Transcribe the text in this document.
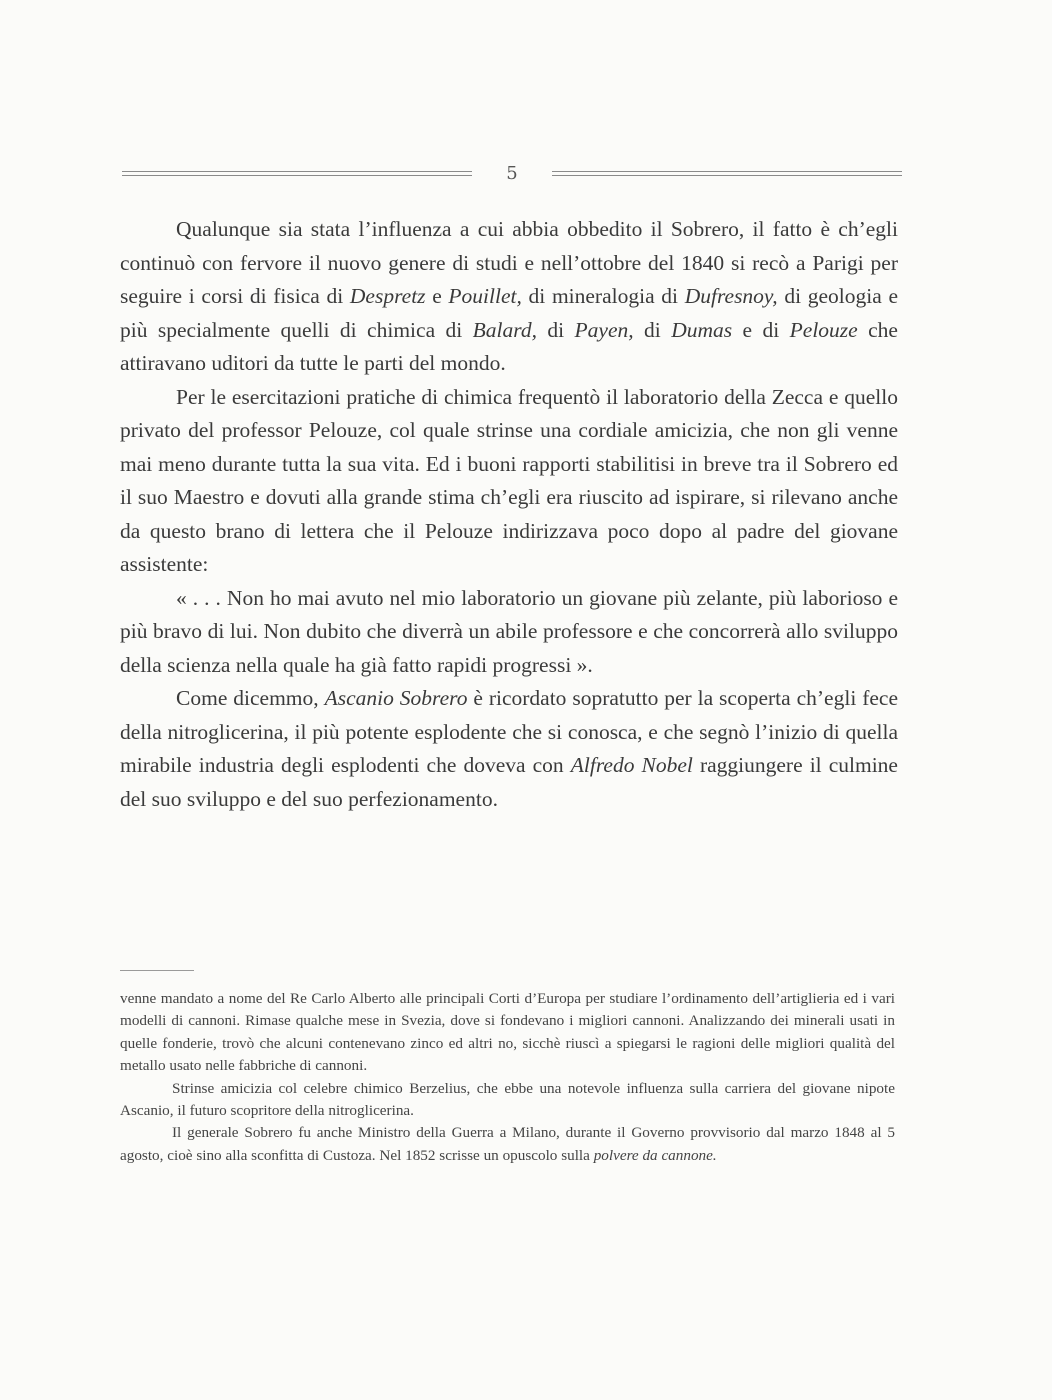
5

Qualunque sia stata l’influenza a cui abbia obbedito il Sobrero, il fatto è ch’egli continuò con fervore il nuovo genere di studi e nell’ottobre del 1840 si recò a Parigi per seguire i corsi di fisica di Despretz e Pouillet, di mineralogia di Dufresnoy, di geologia e più specialmente quelli di chimica di Balard, di Payen, di Dumas e di Pelouze che attiravano uditori da tutte le parti del mondo.

Per le esercitazioni pratiche di chimica frequentò il laboratorio della Zecca e quello privato del professor Pelouze, col quale strinse una cordiale amicizia, che non gli venne mai meno durante tutta la sua vita. Ed i buoni rapporti stabilitisi in breve tra il Sobrero ed il suo Maestro e dovuti alla grande stima ch’egli era riuscito ad ispirare, si rilevano anche da questo brano di lettera che il Pelouze indirizzava poco dopo al padre del giovane assistente:

« . . . Non ho mai avuto nel mio laboratorio un giovane più zelante, più laborioso e più bravo di lui. Non dubito che diverrà un abile professore e che concorrerà allo sviluppo della scienza nella quale ha già fatto rapidi progressi ».

Come dicemmo, Ascanio Sobrero è ricordato sopratutto per la scoperta ch’egli fece della nitroglicerina, il più potente esplodente che si conosca, e che segnò l’inizio di quella mirabile industria degli esplodenti che doveva con Alfredo Nobel raggiungere il culmine del suo sviluppo e del suo perfezionamento.

venne mandato a nome del Re Carlo Alberto alle principali Corti d’Europa per studiare l’ordinamento dell’artiglieria ed i vari modelli di cannoni. Rimase qualche mese in Svezia, dove si fondevano i migliori cannoni. Analizzando dei minerali usati in quelle fonderie, trovò che alcuni contenevano zinco ed altri no, sicchè riuscì a spiegarsi le ragioni delle migliori qualità del metallo usato nelle fabbriche di cannoni.

Strinse amicizia col celebre chimico Berzelius, che ebbe una notevole influenza sulla carriera del giovane nipote Ascanio, il futuro scopritore della nitroglicerina.

Il generale Sobrero fu anche Ministro della Guerra a Milano, durante il Governo provvisorio dal marzo 1848 al 5 agosto, cioè sino alla sconfitta di Custoza. Nel 1852 scrisse un opuscolo sulla polvere da cannone.
